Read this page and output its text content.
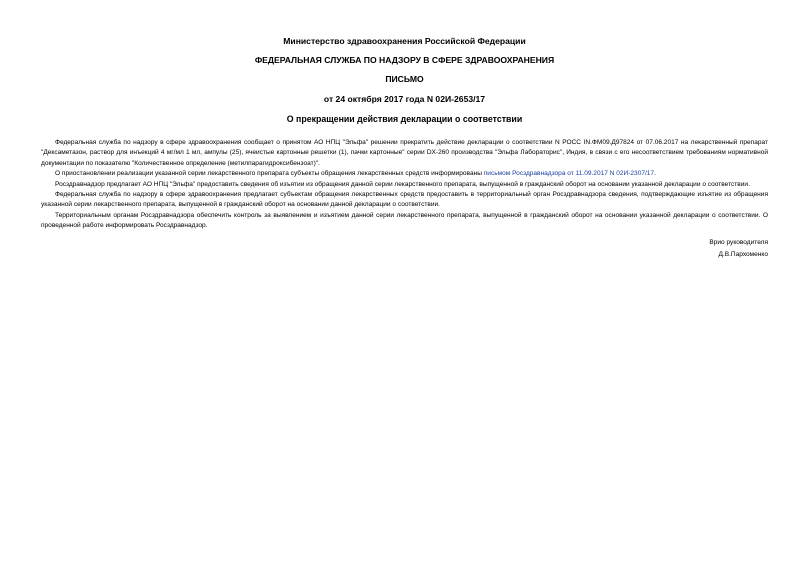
Министерство здравоохранения Российской Федерации
ФЕДЕРАЛЬНАЯ СЛУЖБА ПО НАДЗОРУ В СФЕРЕ ЗДРАВООХРАНЕНИЯ
ПИСЬМО
от 24 октября 2017 года N 02И-2653/17
О прекращении действия декларации о соответствии

Федеральная служба по надзору в сфере здравоохранения сообщает о принятом АО НПЦ "Эльфа" решении прекратить действие декларации о соответствии N РОСС IN.ФМ09.Д97824 от 07.06.2017 на лекарственный препарат "Дексаметазон, раствор для инъекций 4 мг/мл 1 мл, ампулы (25), ячеистые картонные решетки (1), пачки картонные" серии DX-260 производства "Эльфа Лабораторис", Индия, в связи с его несоответствием требованиям нормативной документации по показателю "Количественное определение (метилпарагидроксибензоат)".

О приостановлении реализации указанной серии лекарственного препарата субъекты обращения лекарственных средств информированы письмом Росздравнадзора от 11.09.2017 N 02И-2307/17.

Росздравнадзор предлагает АО НПЦ "Эльфа" предоставить сведения об изъятии из обращения данной серии лекарственного препарата, выпущенной в гражданский оборот на основании указанной декларации о соответствии.

Федеральная служба по надзору в сфере здравоохранения предлагает субъектам обращения лекарственных средств предоставить в территориальный орган Росздравнадзора сведения, подтверждающие изъятие из обращения указанной серии лекарственного препарата, выпущенной в гражданский оборот на основании данной декларации о соответствии.

Территориальным органам Росздравнадзора обеспечить контроль за выявлением и изъятием данной серии лекарственного препарата, выпущенной в гражданский оборот на основании указанной декларации о соответствии. О проведенной работе информировать Росздравнадзор.

Врио руководителя
Д.В.Пархоменко
